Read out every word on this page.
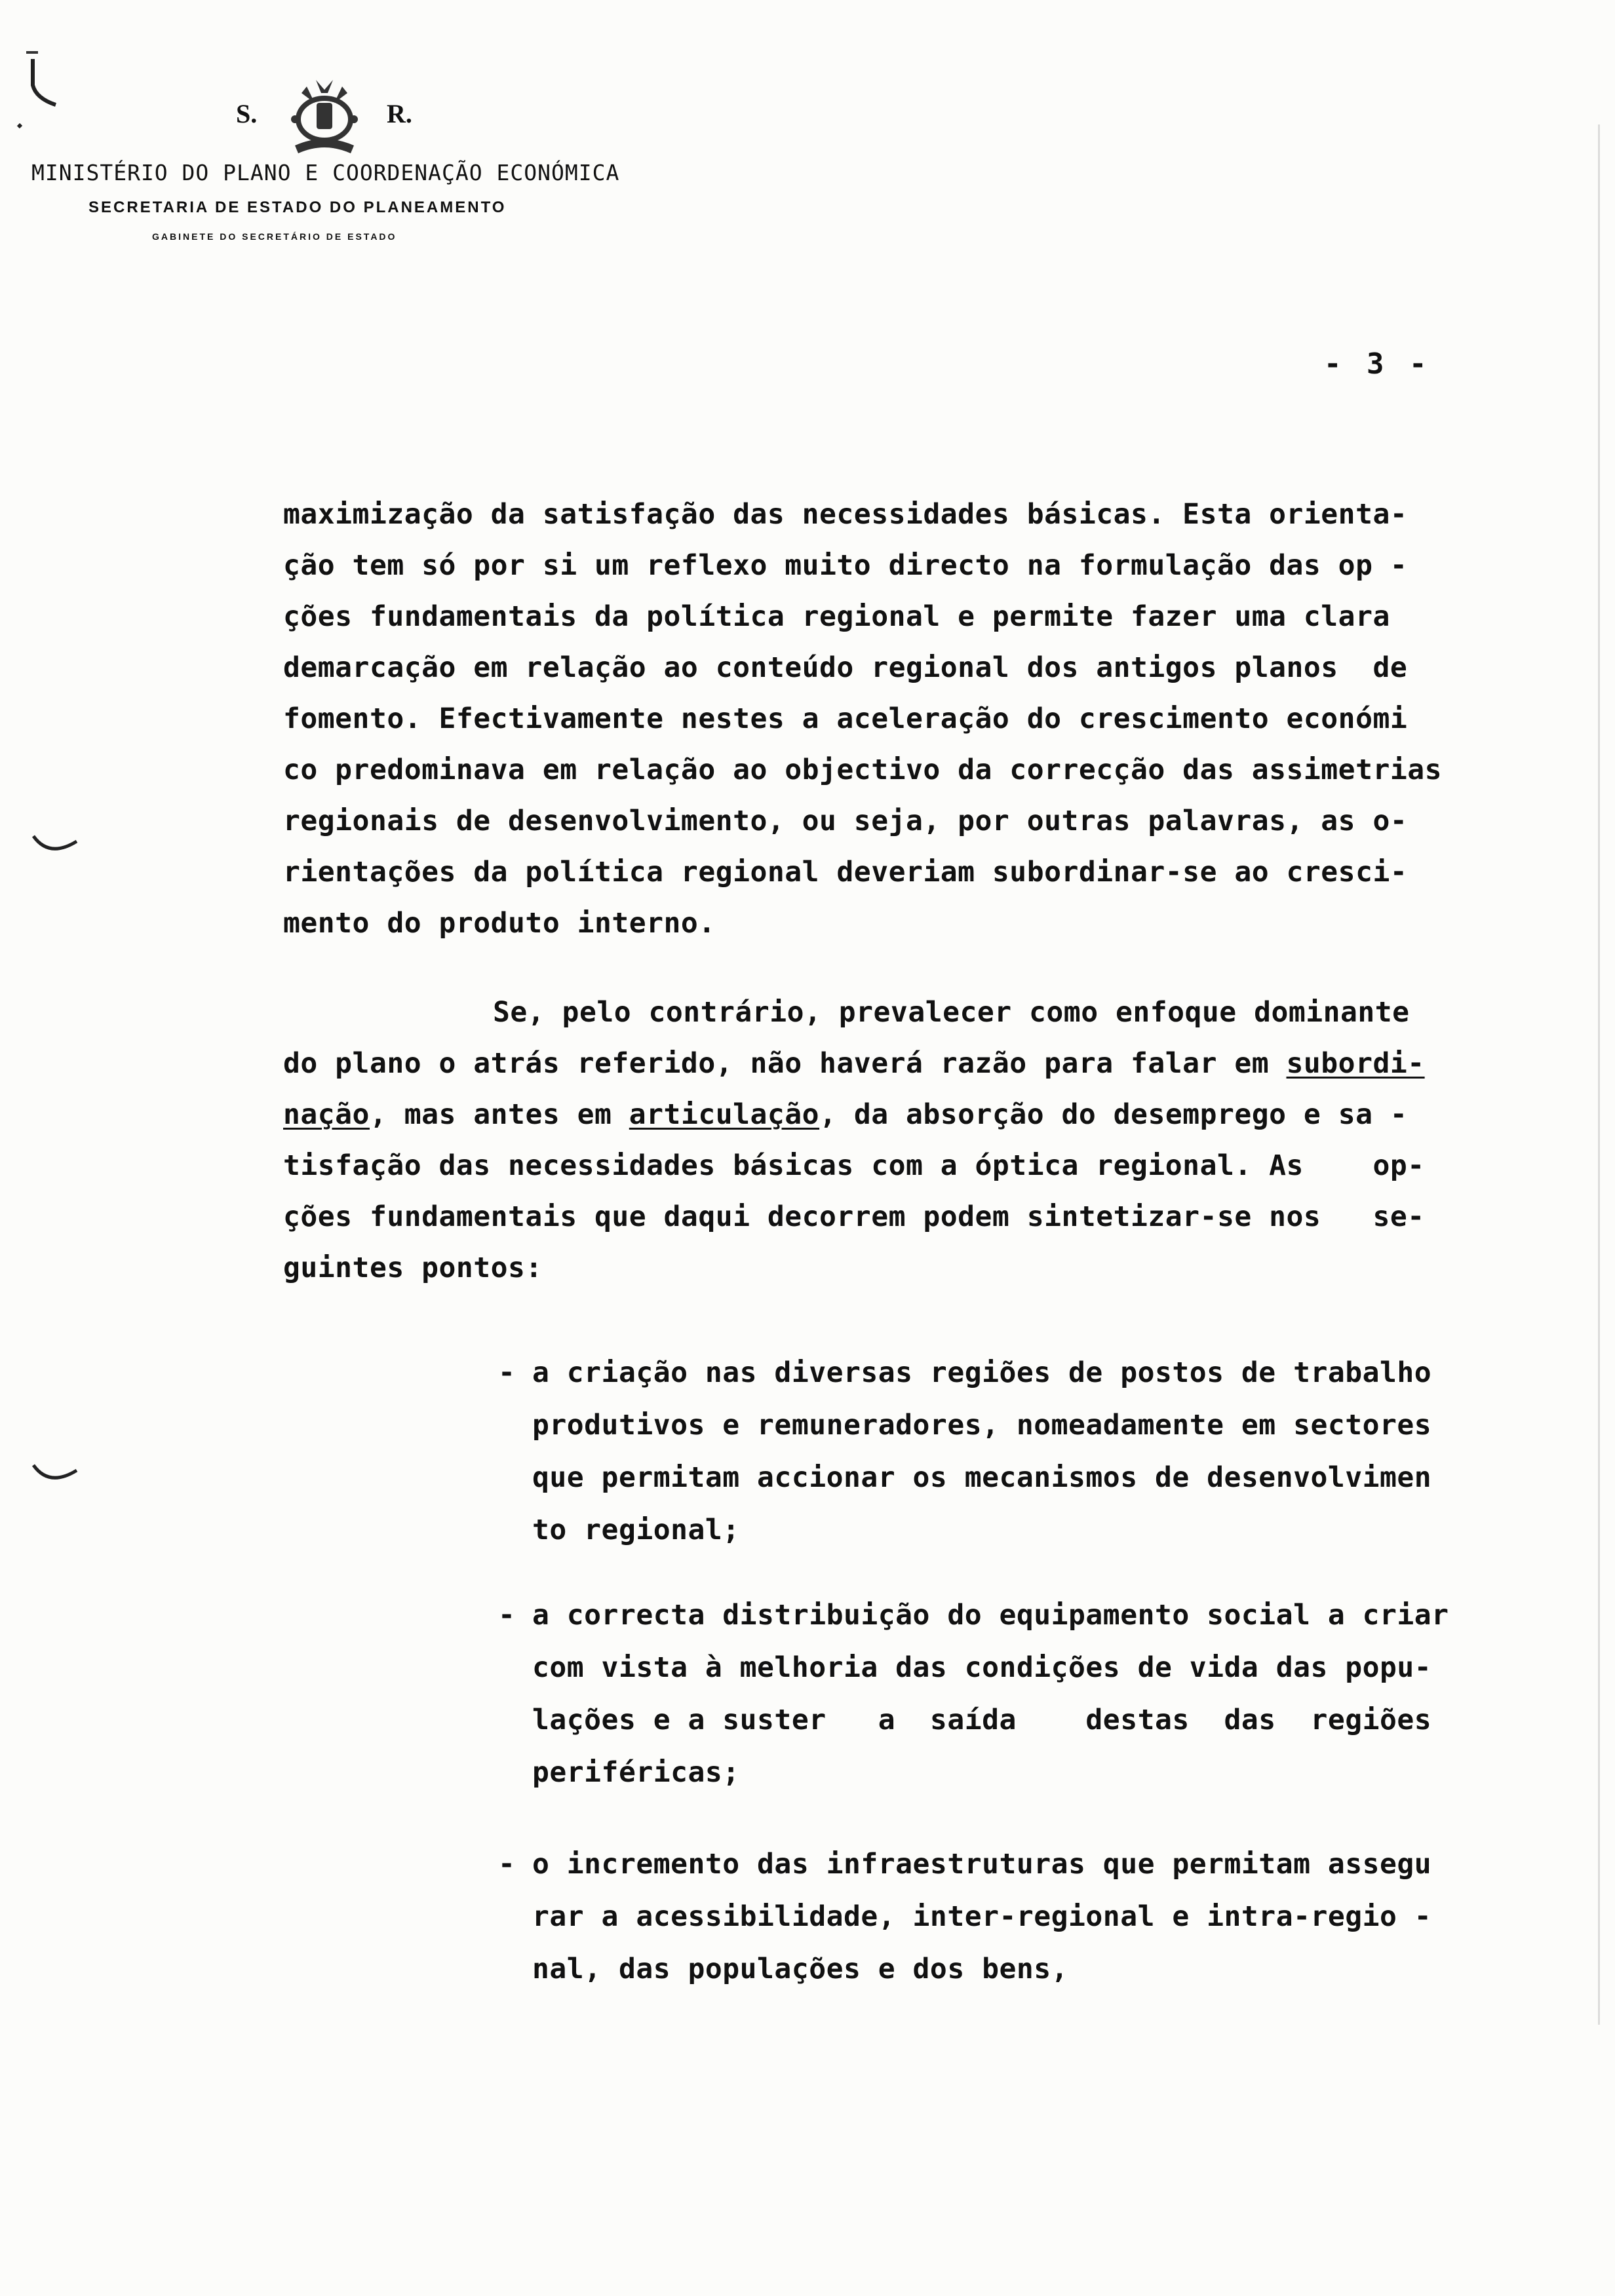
S.	R.
MINISTÉRIO DO PLANO E COORDENAÇÃO ECONÓMICA
SECRETARIA DE ESTADO DO PLANEAMENTO
GABINETE DO SECRETÁRIO DE ESTADO
- 3 -
maximização da satisfação das necessidades básicas. Esta orienta-
ção tem só por si um reflexo muito directo na formulação das op -
ções fundamentais da política regional e permite fazer uma clara
demarcação em relação ao conteúdo regional dos antigos planos  de
fomento. Efectivamente nestes a aceleração do crescimento económi
co predominava em relação ao objectivo da correcção das assimetrias
regionais de desenvolvimento, ou seja, por outras palavras, as o-
rientações da política regional deveriam subordinar-se ao cresci-
mento do produto interno.
Se, pelo contrário, prevalecer como enfoque dominante
do plano o atrás referido, não haverá razão para falar em subordi-
nação, mas antes em articulação, da absorção do desemprego e sa -
tisfação das necessidades básicas com a óptica regional. As    op-
ções fundamentais que daqui decorrem podem sintetizar-se nos   se-
guintes pontos:
- a criação nas diversas regiões de postos de trabalho
produtivos e remuneradores, nomeadamente em sectores
que permitam accionar os mecanismos de desenvolvimen
to regional;
- a correcta distribuição do equipamento social a criar
com vista à melhoria das condições de vida das popu-
lações e a suster   a  saída    destas  das  regiões
periféricas;
- o incremento das infraestruturas que permitam assegu
rar a acessibilidade, inter-regional e intra-regio -
nal, das populações e dos bens,
